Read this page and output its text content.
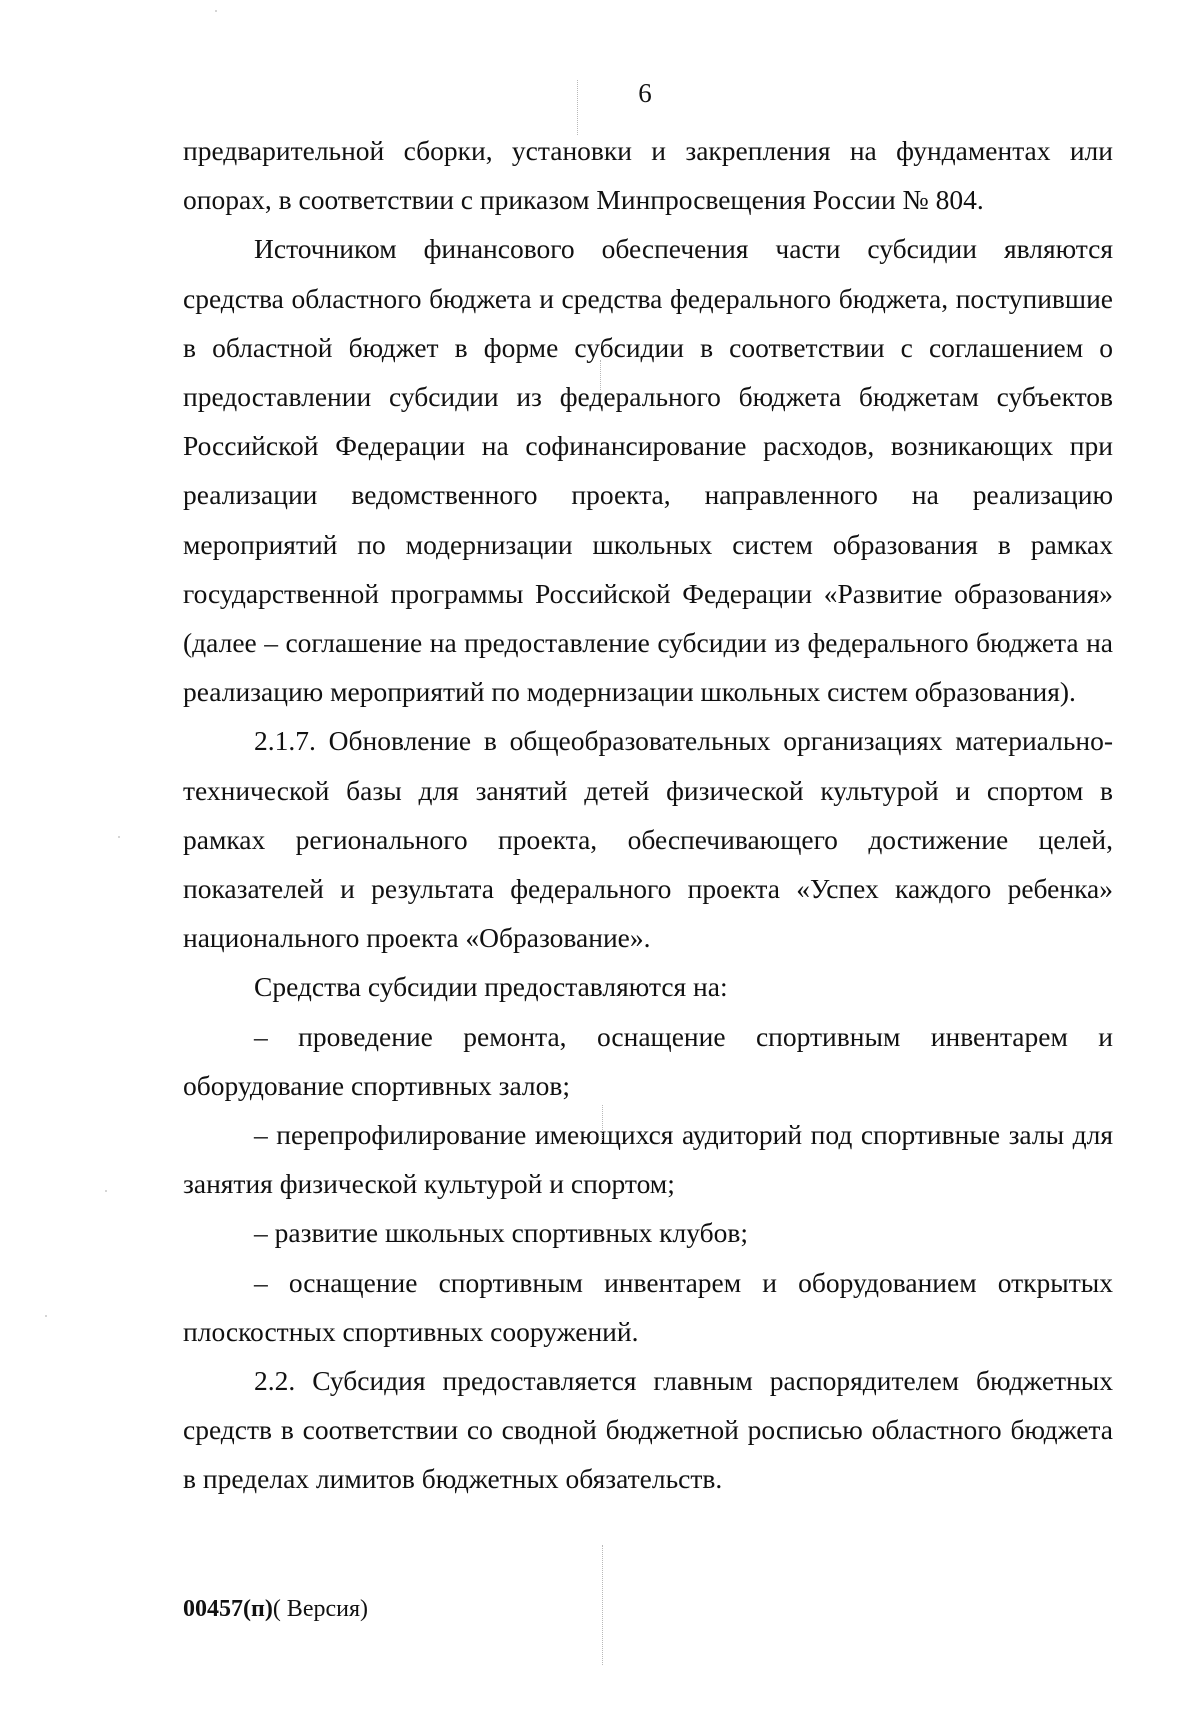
6

предварительной сборки, установки и закрепления на фундаментах или опорах, в соответствии с приказом Минпросвещения России № 804.

Источником финансового обеспечения части субсидии являются средства областного бюджета и средства федерального бюджета, поступившие в областной бюджет в форме субсидии в соответствии с соглашением о предоставлении субсидии из федерального бюджета бюджетам субъектов Российской Федерации на софинансирование расходов, возникающих при реализации ведомственного проекта, направленного на реализацию мероприятий по модернизации школьных систем образования в рамках государственной программы Российской Федерации «Развитие образования» (далее – соглашение на предоставление субсидии из федерального бюджета на реализацию мероприятий по модернизации школьных систем образования).

2.1.7. Обновление в общеобразовательных организациях материально-технической базы для занятий детей физической культурой и спортом в рамках регионального проекта, обеспечивающего достижение целей, показателей и результата федерального проекта «Успех каждого ребенка» национального проекта «Образование».

Средства субсидии предоставляются на:

– проведение ремонта, оснащение спортивным инвентарем и оборудование спортивных залов;

– перепрофилирование имеющихся аудиторий под спортивные залы для занятия физической культурой и спортом;

– развитие школьных спортивных клубов;

– оснащение спортивным инвентарем и оборудованием открытых плоскостных спортивных сооружений.

2.2. Субсидия предоставляется главным распорядителем бюджетных средств в соответствии со сводной бюджетной росписью областного бюджета в пределах лимитов бюджетных обязательств.

00457(п)( Версия)
